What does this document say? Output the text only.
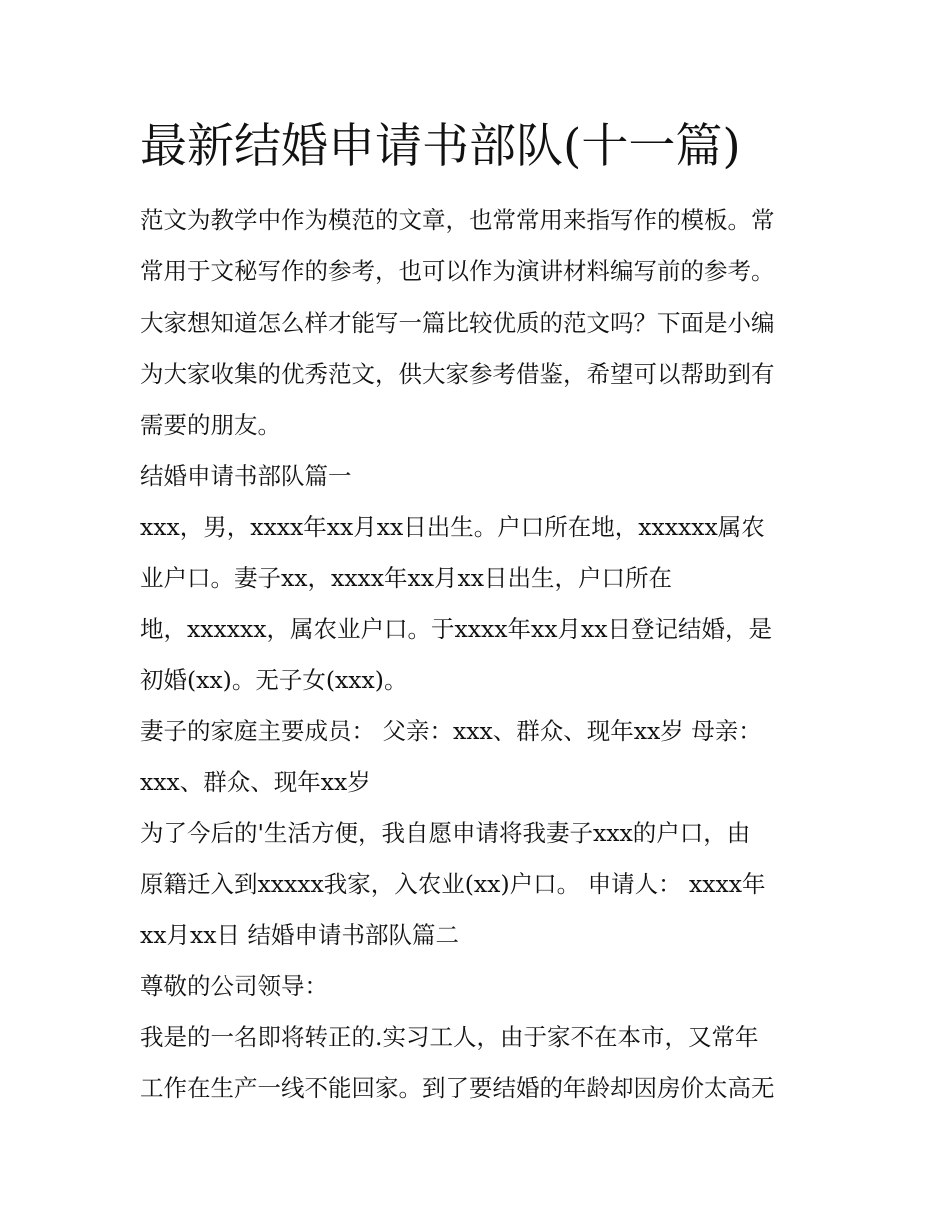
最新结婚申请书部队(十一篇)
范文为教学中作为模范的文章，也常常用来指写作的模板。常
常用于文秘写作的参考，也可以作为演讲材料编写前的参考。
大家想知道怎么样才能写一篇比较优质的范文吗？下面是小编
为大家收集的优秀范文，供大家参考借鉴，希望可以帮助到有
需要的朋友。
结婚申请书部队篇一
xxx，男，xxxx年xx月xx日出生。户口所在地，xxxxxx属农
业户口。妻子xx，xxxx年xx月xx日出生，户口所在
地，xxxxxx，属农业户口。于xxxx年xx月xx日登记结婚，是
初婚(xx)。无子女(xxx)。
妻子的家庭主要成员： 父亲：xxx、群众、现年xx岁 母亲：
xxx、群众、现年xx岁
为了今后的'生活方便，我自愿申请将我妻子xxx的户口，由
原籍迁入到xxxxx我家，入农业(xx)户口。 申请人： xxxx年
xx月xx日 结婚申请书部队篇二
尊敬的公司领导：
我是的一名即将转正的.实习工人，由于家不在本市，又常年
工作在生产一线不能回家。到了要结婚的年龄却因房价太高无
